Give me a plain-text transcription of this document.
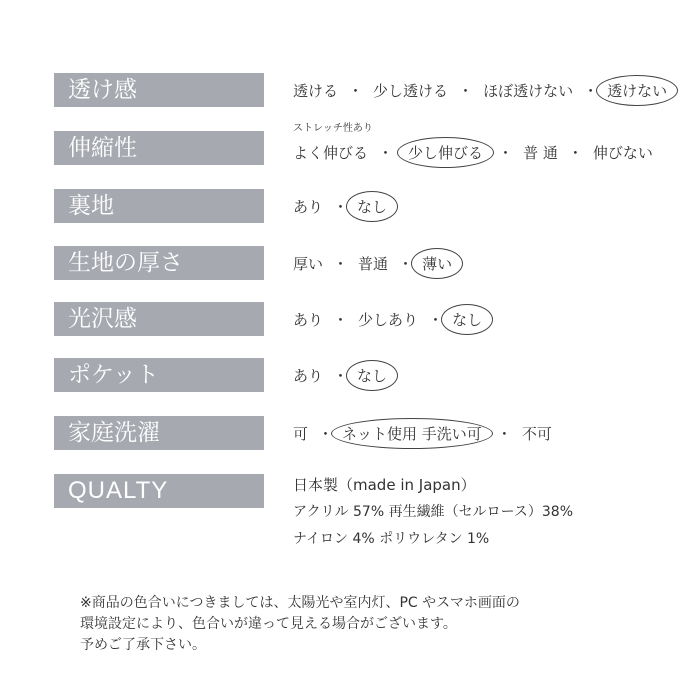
透け感	透ける ・ 少し透ける ・ ほぼ透けない ・ 透けない
伸縮性
ストレッチ性あり
よく伸びる ・	少し伸びる	・ 普 通 ・ 伸びない
裏地	あり ・ なし
生地の厚さ	厚い ・ 普通 ・ 薄い
光沢感	あり ・ 少しあり ・ なし
ポケット	あり ・ なし
家庭洗濯	可 ・ ネット使用 手洗い可	・ 不可
QUALTY	日本製（made in Japan）
アクリル 57% 再生繊維（セルロース）38%
ナイロン 4% ポリウレタン 1%
※商品の色合いにつきましては、太陽光や室内灯、PC やスマホ画面の
環境設定により、色合いが違って見える場合がございます。
予めご了承下さい。
